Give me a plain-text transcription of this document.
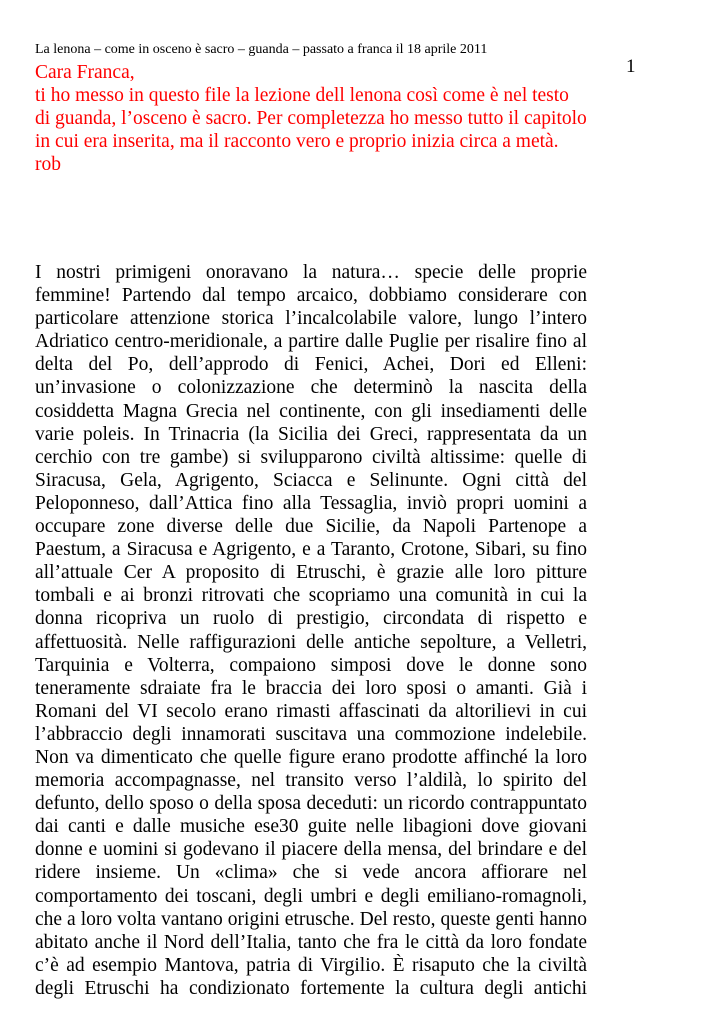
La lenona – come in osceno è sacro – guanda – passato a franca il 18 aprile 2011
1
Cara Franca,
ti ho messo in questo file la lezione dell lenona così come è nel testo
di guanda, l’osceno è sacro. Per completezza ho messo tutto il capitolo
in cui era inserita, ma il racconto vero e proprio inizia circa a metà.
rob
I nostri primigeni onoravano la natura… specie delle proprie
femmine! Partendo dal tempo arcaico, dobbiamo considerare con
particolare attenzione storica l’incalcolabile valore, lungo l’intero
Adriatico centro-meridionale, a partire dalle Puglie per risalire fino al
delta del Po, dell’approdo di Fenici, Achei, Dori ed Elleni:
un’invasione o colonizzazione che determinò la nascita della
cosiddetta Magna Grecia nel continente, con gli insediamenti delle
varie poleis. In Trinacria (la Sicilia dei Greci, rappresentata da un
cerchio con tre gambe) si svilupparono civiltà altissime: quelle di
Siracusa, Gela, Agrigento, Sciacca e Selinunte. Ogni città del
Peloponneso, dall’Attica fino alla Tessaglia, inviò propri uomini a
occupare zone diverse delle due Sicilie, da Napoli Partenope a
Paestum, a Siracusa e Agrigento, e a Taranto, Crotone, Sibari, su fino
all’attuale Cer A proposito di Etruschi, è grazie alle loro pitture
tombali e ai bronzi ritrovati che scopriamo una comunità in cui la
donna ricopriva un ruolo di prestigio, circondata di rispetto e
affettuosità. Nelle raffigurazioni delle antiche sepolture, a Velletri,
Tarquinia e Volterra, compaiono simposi dove le donne sono
teneramente sdraiate fra le braccia dei loro sposi o amanti. Già i
Romani del VI secolo erano rimasti affascinati da altorilievi in cui
l’abbraccio degli innamorati suscitava una commozione indelebile.
Non va dimenticato che quelle figure erano prodotte affinché la loro
memoria accompagnasse, nel transito verso l’aldilà, lo spirito del
defunto, dello sposo o della sposa deceduti: un ricordo contrappuntato
dai canti e dalle musiche ese30 guite nelle libagioni dove giovani
donne e uomini si godevano il piacere della mensa, del brindare e del
ridere insieme. Un «clima» che si vede ancora affiorare nel
comportamento dei toscani, degli umbri e degli emiliano-romagnoli,
che a loro volta vantano origini etrusche. Del resto, queste genti hanno
abitato anche il Nord dell’Italia, tanto che fra le città da loro fondate
c’è ad esempio Mantova, patria di Virgilio. È risaputo che la civiltà
degli Etruschi ha condizionato fortemente la cultura degli antichi
